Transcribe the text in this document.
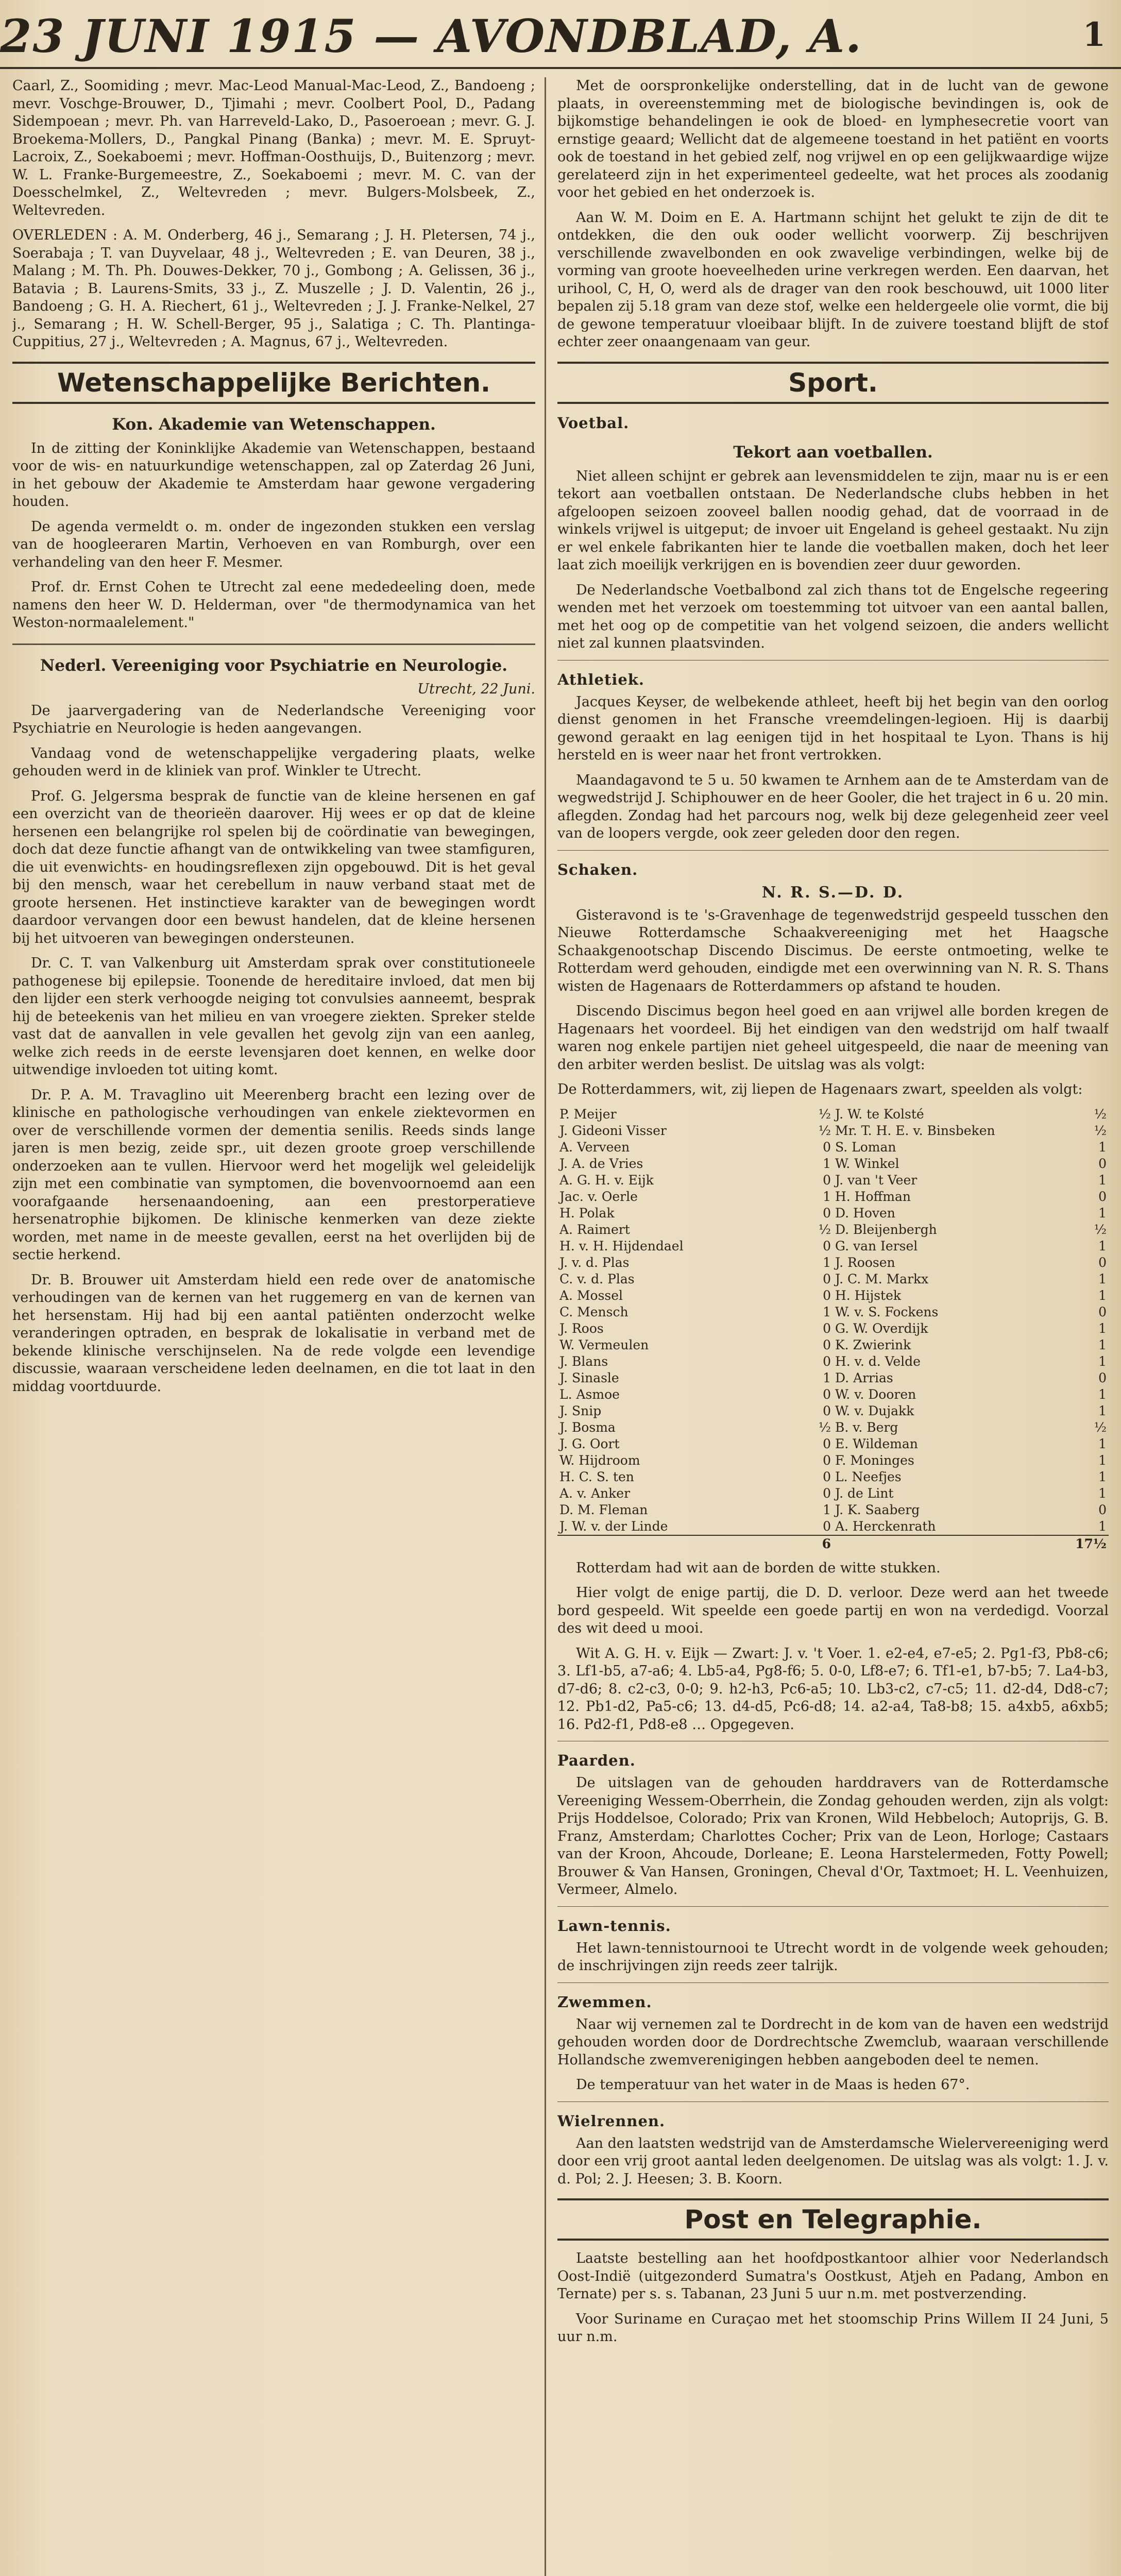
23 JUNI 1915 — AVONDBLAD, A.	1

Caarl, Z., Soomiding ; mevr. Mac-Leod Manual-Mac-Leod, Z., Bandoeng ; mevr. Voschge-Brouwer, D., Tjimahi ; mevr. Coolbert Pool, D., Padang Sidempoean ; mevr. Ph. van Harreveld-Lako, D., Pasoeroean ; mevr. G. J. Broekema-Mollers, D., Pangkal Pinang (Banka) ; mevr. M. E. Spruyt-Lacroix, Z., Soekaboemi ; mevr. Hoffman-Oosthuijs, D., Buitenzorg ; mevr. W. L. Franke-Burgemeestre, Z., Soekaboemi ; mevr. M. C. van der Doesschelmkel, Z., Weltevreden ; mevr. Bulgers-Molsbeek, Z., Weltevreden.

OVERLEDEN : A. M. Onderberg, 46 j., Semarang ; J. H. Pletersen, 74 j., Soerabaja ; T. van Duyvelaar, 48 j., Weltevreden ; E. van Deuren, 38 j., Malang ; M. Th. Ph. Douwes-Dekker, 70 j., Gombong ; A. Gelissen, 36 j., Batavia ; B. Laurens-Smits, 33 j., Z. Muszelle ; J. D. Valentin, 26 j., Bandoeng ; G. H. A. Riechert, 61 j., Weltevreden ; J. J. Franke-Nelkel, 27 j., Semarang ; H. W. Schell-Berger, 95 j., Salatiga ; C. Th. Plantinga-Cuppitius, 27 j., Weltevreden ; A. Magnus, 67 j., Weltevreden.

Wetenschappelijke Berichten.
Kon. Akademie van Wetenschappen.

In de zitting der Koninklijke Akademie van Wetenschappen, bestaand voor de wis- en natuurkundige wetenschappen, zal op Zaterdag 26 Juni, in het gebouw der Akademie te Amsterdam haar gewone vergadering houden.

De agenda vermeldt o. m. onder de ingezonden stukken een verslag van de hoogleeraren Martin, Verhoeven en van Romburgh, over een verhandeling van den heer F. Mesmer.

Prof. dr. Ernst Cohen te Utrecht zal eene mededeeling doen, mede namens den heer W. D. Helderman, over "de thermodynamica van het Weston-normaalelement."

Nederl. Vereeniging voor Psychiatrie en Neurologie.
Utrecht, 22 Juni.

De jaarvergadering van de Nederlandsche Vereeniging voor Psychiatrie en Neurologie is heden aangevangen.

Vandaag vond de wetenschappelijke vergadering plaats, welke gehouden werd in de kliniek van prof. Winkler te Utrecht.

Prof. G. Jelgersma besprak de functie van de kleine hersenen en gaf een overzicht van de theorieën daarover. Hij wees er op dat de kleine hersenen een belangrijke rol spelen bij de coördinatie van bewegingen, doch dat deze functie afhangt van de ontwikkeling van twee stamfiguren, die uit evenwichts- en houdingsreflexen zijn opgebouwd. Dit is het geval bij den mensch, waar het cerebellum in nauw verband staat met de groote hersenen. Het instinctieve karakter van de bewegingen wordt daardoor vervangen door een bewust handelen, dat de kleine hersenen bij het uitvoeren van bewegingen ondersteunen.

Dr. C. T. van Valkenburg uit Amsterdam sprak over constitutioneele pathogenese bij epilepsie. Toonende de hereditaire invloed, dat men bij den lijder een sterk verhoogde neiging tot convulsies aanneemt, besprak hij de beteekenis van het milieu en van vroegere ziekten. Spreker stelde vast dat de aanvallen in vele gevallen het gevolg zijn van een aanleg, welke zich reeds in de eerste levensjaren doet kennen, en welke door uitwendige invloeden tot uiting komt.

Dr. P. A. M. Travaglino uit Meerenberg bracht een lezing over de klinische en pathologische verhoudingen van enkele ziektevormen en over de verschillende vormen der dementia senilis. Reeds sinds lange jaren is men bezig, zeide spr., uit dezen groote groep verschillende onderzoeken aan te vullen. Hiervoor werd het mogelijk wel geleidelijk zijn met een combinatie van symptomen, die bovenvoornoemd aan een voorafgaande hersenaandoening, aan een prestorperatieve hersenatrophie bijkomen. De klinische kenmerken van deze ziekte worden, met name in de meeste gevallen, eerst na het overlijden bij de sectie herkend.

Dr. B. Brouwer uit Amsterdam hield een rede over de anatomische verhoudingen van de kernen van het ruggemerg en van de kernen van het hersenstam. Hij had bij een aantal patiënten onderzocht welke veranderingen optraden, en besprak de lokalisatie in verband met de bekende klinische verschijnselen. Na de rede volgde een levendige discussie, waaraan verscheidene leden deelnamen, en die tot laat in den middag voortduurde.

Met de oorspronkelijke onderstelling, dat in de lucht van de gewone plaats, in overeenstemming met de biologische bevindingen is, ook de bijkomstige behandelingen ie ook de bloed- en lymphesecretie voort van ernstige geaard; Wellicht dat de algemeene toestand in het patiënt en voorts ook de toestand in het gebied zelf, nog vrijwel en op een gelijkwaardige wijze gerelateerd zijn in het experimenteel gedeelte, wat het proces als zoodanig voor het gebied en het onderzoek is.

Aan W. M. Doim en E. A. Hartmann schijnt het gelukt te zijn de dit te ontdekken, die den ouk ooder wellicht voorwerp. Zij beschrijven verschillende zwavelbonden en ook zwavelige verbindingen, welke bij de vorming van groote hoeveelheden urine verkregen werden. Een daarvan, het urihool, C, H, O, werd als de drager van den rook beschouwd, uit 1000 liter bepalen zij 5.18 gram van deze stof, welke een heldergeele olie vormt, die bij de gewone temperatuur vloeibaar blijft. In de zuivere toestand blijft de stof echter zeer onaangenaam van geur.

Sport.
Voetbal.
Tekort aan voetballen.

Niet alleen schijnt er gebrek aan levensmiddelen te zijn, maar nu is er een tekort aan voetballen ontstaan. De Nederlandsche clubs hebben in het afgeloopen seizoen zooveel ballen noodig gehad, dat de voorraad in de winkels vrijwel is uitgeput; de invoer uit Engeland is geheel gestaakt. Nu zijn er wel enkele fabrikanten hier te lande die voetballen maken, doch het leer laat zich moeilijk verkrijgen en is bovendien zeer duur geworden.

De Nederlandsche Voetbalbond zal zich thans tot de Engelsche regeering wenden met het verzoek om toestemming tot uitvoer van een aantal ballen, met het oog op de competitie van het volgend seizoen, die anders wellicht niet zal kunnen plaatsvinden.

Athletiek.

Jacques Keyser, de welbekende athleet, heeft bij het begin van den oorlog dienst genomen in het Fransche vreemdelingen-legioen. Hij is daarbij gewond geraakt en lag eenigen tijd in het hospitaal te Lyon. Thans is hij hersteld en is weer naar het front vertrokken.

Maandagavond te 5 u. 50 kwamen te Arnhem aan de te Amsterdam van de wegwedstrijd J. Schiphouwer en de heer Gooler, die het traject in 6 u. 20 min. aflegden. Zondag had het parcours nog, welk bij deze gelegenheid zeer veel van de loopers vergde, ook zeer geleden door den regen.

Schaken.
N. R. S.—D. D.

Gisteravond is te 's-Gravenhage de tegenwedstrijd gespeeld tusschen den Nieuwe Rotterdamsche Schaakvereeniging met het Haagsche Schaakgenootschap Discendo Discimus. De eerste ontmoeting, welke te Rotterdam werd gehouden, eindigde met een overwinning van N. R. S. Thans wisten de Hagenaars de Rotterdammers op afstand te houden.

Discendo Discimus begon heel goed en aan vrijwel alle borden kregen de Hagenaars het voordeel. Bij het eindigen van den wedstrijd om half twaalf waren nog enkele partijen niet geheel uitgespeeld, die naar de meening van den arbiter werden beslist. De uitslag was als volgt:

De Rotterdammers, wit, zij liepen de Hagenaars zwart, speelden als volgt:

P. Meijer	½	J. W. te Kolsté	½
J. Gideoni Visser	½	Mr. T. H. E. v. Binsbeken	½
A. Verveen	0	S. Loman	1
J. A. de Vries	1	W. Winkel	0
A. G. H. v. Eijk	0	J. van 't Veer	1
Jac. v. Oerle	1	H. Hoffman	0
H. Polak	0	D. Hoven	1
A. Raimert	½	D. Bleijenbergh	½
H. v. H. Hijdendael	0	G. van Iersel	1
J. v. d. Plas	1	J. Roosen	0
C. v. d. Plas	0	J. C. M. Markx	1
A. Mossel	0	H. Hijstek	1
C. Mensch	1	W. v. S. Fockens	0
J. Roos	0	G. W. Overdijk	1
W. Vermeulen	0	K. Zwierink	1
J. Blans	0	H. v. d. Velde	1
J. Sinasle	1	D. Arrias	0
L. Asmoe	0	W. v. Dooren	1
J. Snip	0	W. v. Dujakk	1
J. Bosma	½	B. v. Berg	½
J. G. Oort	0	E. Wildeman	1
W. Hijdroom	0	F. Moninges	1
H. C. S. ten	0	L. Neefjes	1
A. v. Anker	0	J. de Lint	1
D. M. Fleman	1	J. K. Saaberg	0
J. W. v. der Linde	0	A. Herckenrath	1
	6		17½

Rotterdam had wit aan de borden de witte stukken.

Hier volgt de enige partij, die D. D. verloor. Deze werd aan het tweede bord gespeeld. Wit speelde een goede partij en won na verdedigd. Voorzal des wit deed u mooi.

Wit A. G. H. v. Eijk — Zwart: J. v. 't Voer. 1. e2-e4, e7-e5; 2. Pg1-f3, Pb8-c6; 3. Lf1-b5, a7-a6; 4. Lb5-a4, Pg8-f6; 5. 0-0, Lf8-e7; 6. Tf1-e1, b7-b5; 7. La4-b3, d7-d6; 8. c2-c3, 0-0; 9. h2-h3, Pc6-a5; 10. Lb3-c2, c7-c5; 11. d2-d4, Dd8-c7; 12. Pb1-d2, Pa5-c6; 13. d4-d5, Pc6-d8; 14. a2-a4, Ta8-b8; 15. a4xb5, a6xb5; 16. Pd2-f1, Pd8-e8 … Opgegeven.

Paarden.

De uitslagen van de gehouden harddravers van de Rotterdamsche Vereeniging Wessem-Oberrhein, die Zondag gehouden werden, zijn als volgt: Prijs Hoddelsoe, Colorado; Prix van Kronen, Wild Hebbeloch; Autoprijs, G. B. Franz, Amsterdam; Charlottes Cocher; Prix van de Leon, Horloge; Castaars van der Kroon, Ahcoude, Dorleane; E. Leona Harstelermeden, Fotty Powell; Brouwer & Van Hansen, Groningen, Cheval d'Or, Taxtmoet; H. L. Veenhuizen, Vermeer, Almelo.

Lawn-tennis.

Het lawn-tennistournooi te Utrecht wordt in de volgende week gehouden; de inschrijvingen zijn reeds zeer talrijk.

Zwemmen.

Naar wij vernemen zal te Dordrecht in de kom van de haven een wedstrijd gehouden worden door de Dordrechtsche Zwemclub, waaraan verschillende Hollandsche zwemverenigingen hebben aangeboden deel te nemen.

De temperatuur van het water in de Maas is heden 67°.

Wielrennen.

Aan den laatsten wedstrijd van de Amsterdamsche Wielervereeniging werd door een vrij groot aantal leden deelgenomen. De uitslag was als volgt: 1. J. v. d. Pol; 2. J. Heesen; 3. B. Koorn.

Post en Telegraphie.

Laatste bestelling aan het hoofdpostkantoor alhier voor Nederlandsch Oost-Indië (uitgezonderd Sumatra's Oostkust, Atjeh en Padang, Ambon en Ternate) per s. s. Tabanan, 23 Juni 5 uur n.m. met postverzending.

Voor Suriname en Curaçao met het stoomschip Prins Willem II 24 Juni, 5 uur n.m.
